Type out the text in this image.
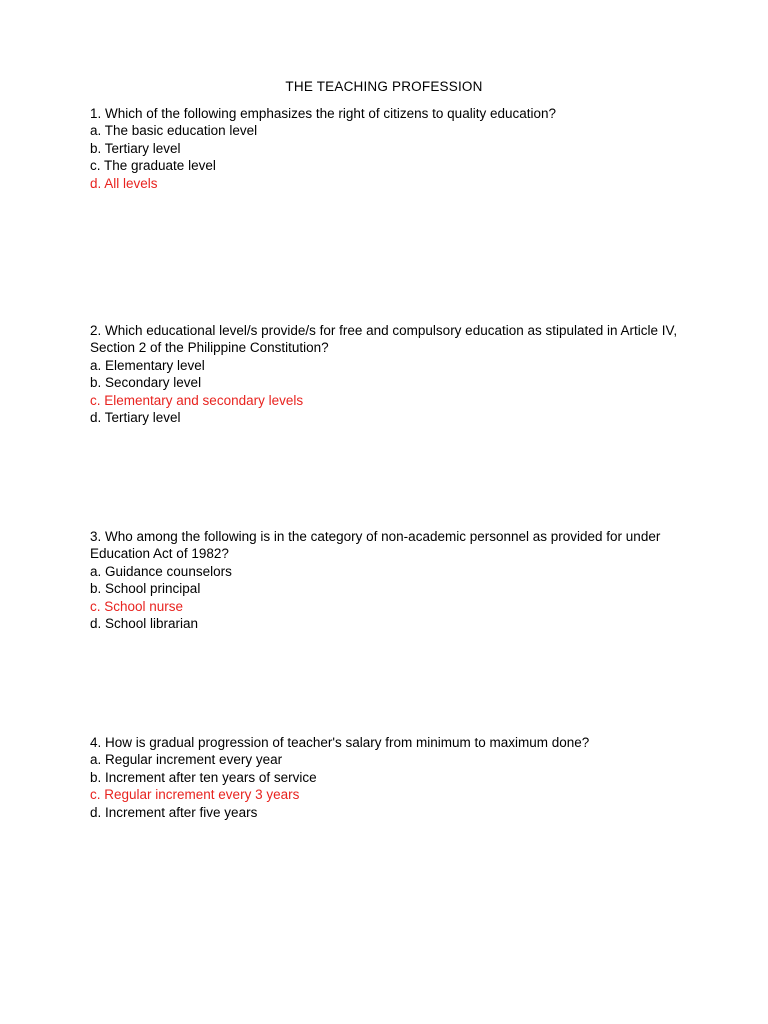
THE TEACHING PROFESSION
1. Which of the following emphasizes the right of citizens to quality education?
a. The basic education level
b. Tertiary level
c. The graduate level
d. All levels
2. Which educational level/s provide/s for free and compulsory education as stipulated in Article IV, Section 2 of the Philippine Constitution?
a. Elementary level
b. Secondary level
c. Elementary and secondary levels
d. Tertiary level
3. Who among the following is in the category of non-academic personnel as provided for under Education Act of 1982?
a. Guidance counselors
b. School principal
c. School nurse
d. School librarian
4. How is gradual progression of teacher's salary from minimum to maximum done?
a. Regular increment every year
b. Increment after ten years of service
c. Regular increment every 3 years
d. Increment after five years
